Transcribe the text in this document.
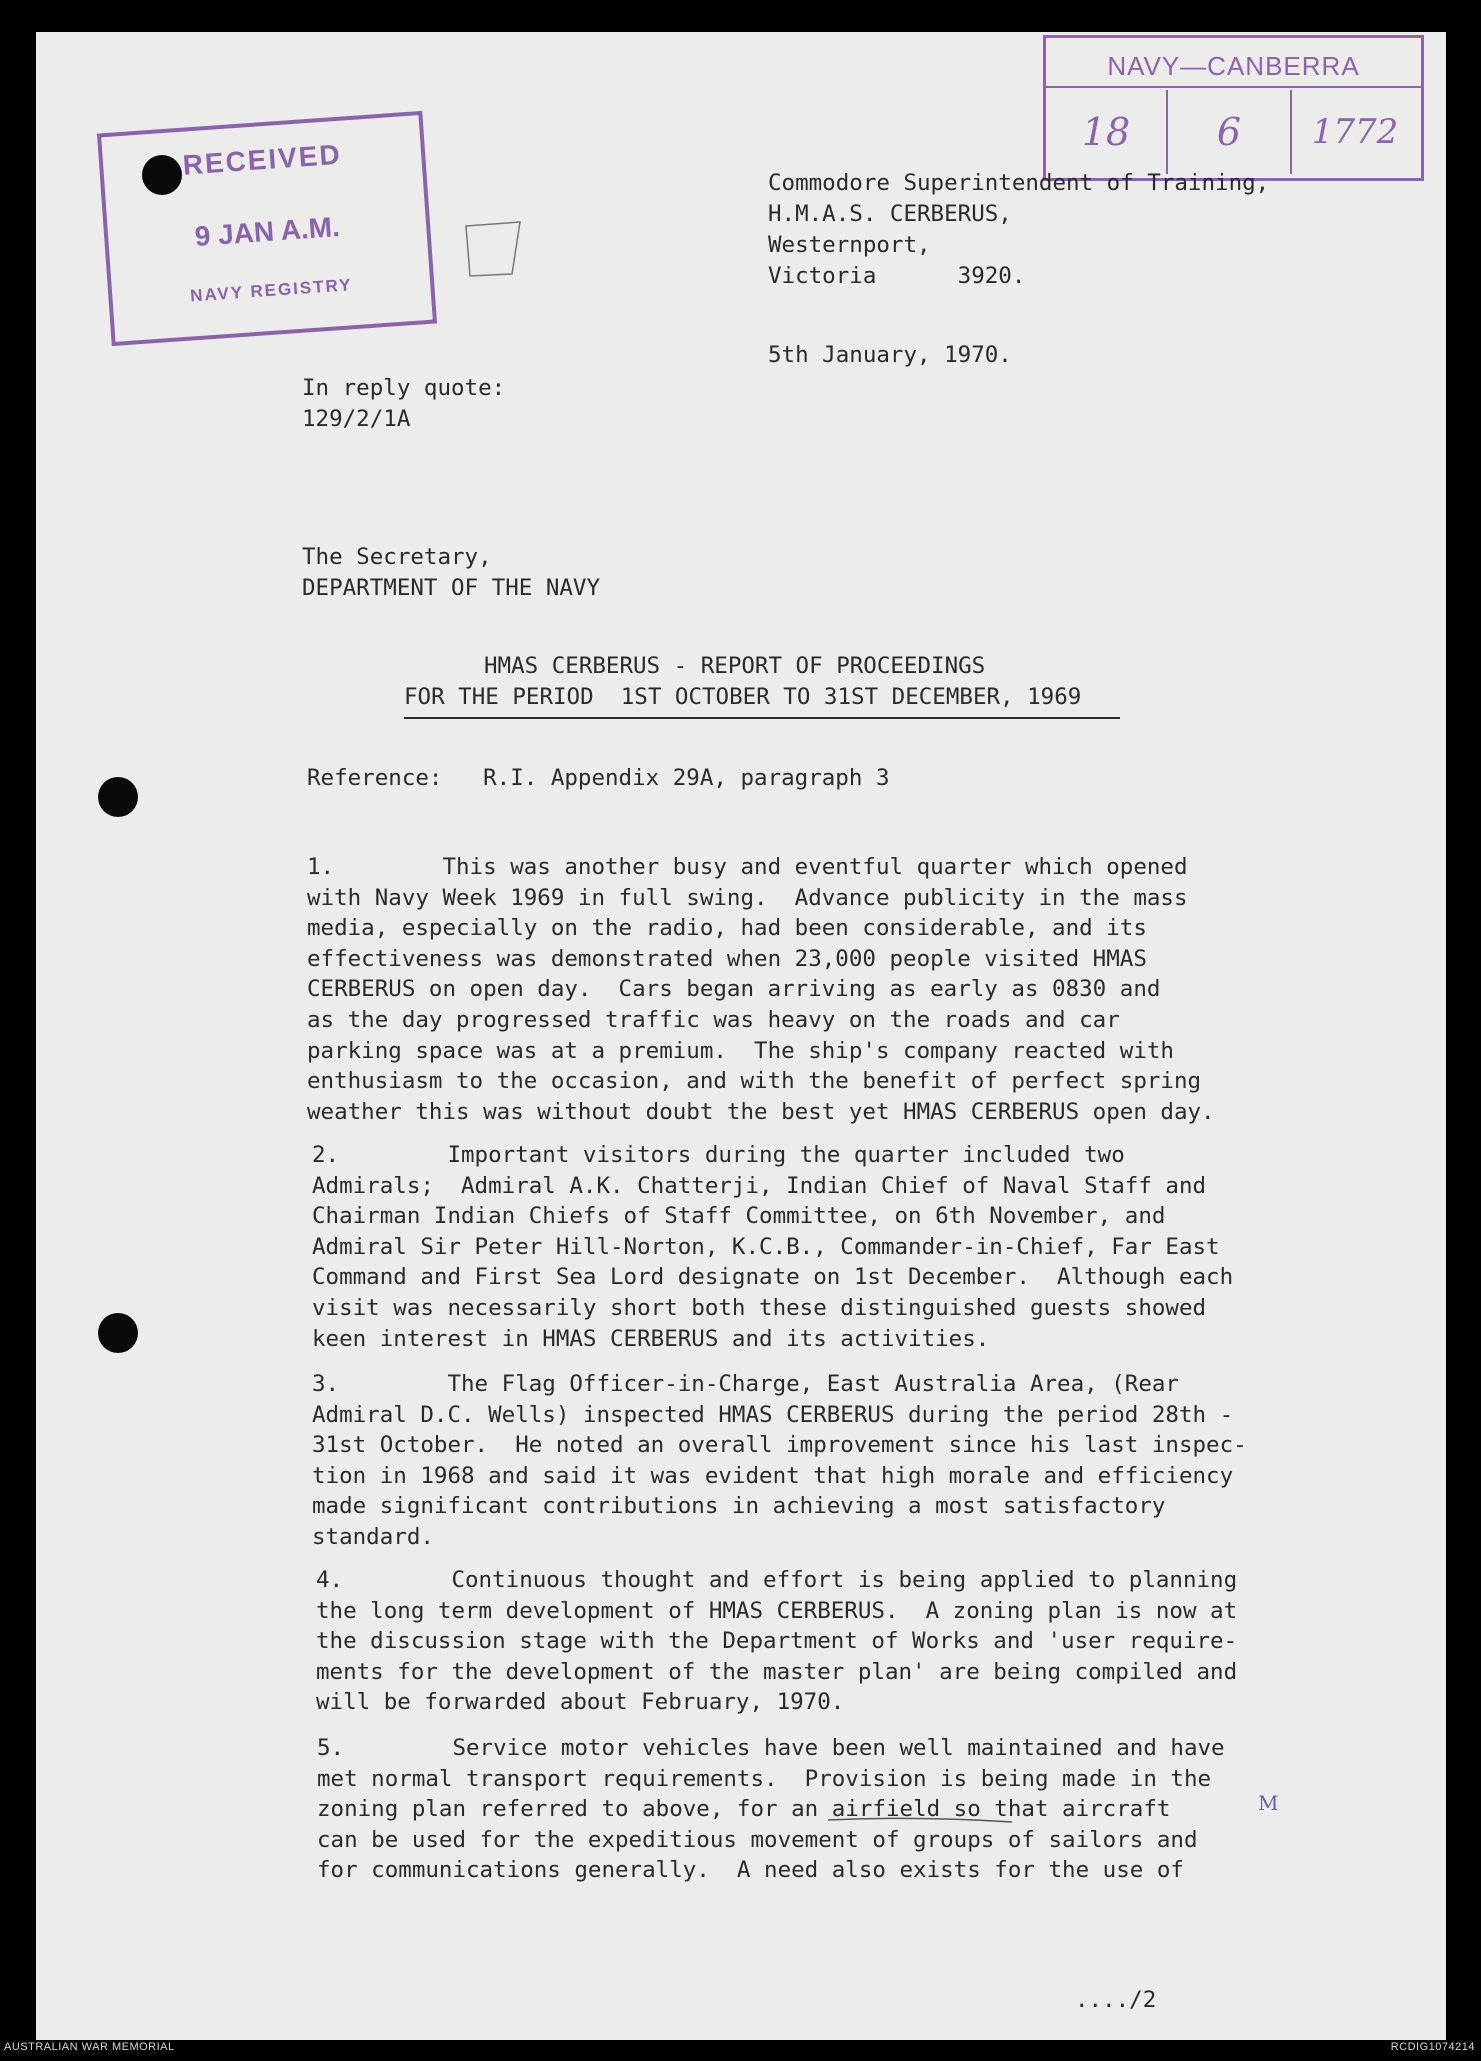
NAVY—CANBERRA
18	6	1772
RECEIVED
9 JAN A.M.
NAVY REGISTRY
Commodore Superintendent of Training,
H.M.A.S. CERBERUS,
Westernport,
Victoria      3920.
5th January, 1970.
In reply quote:
129/2/1A
The Secretary,
DEPARTMENT OF THE NAVY
HMAS CERBERUS - REPORT OF PROCEEDINGS
FOR THE PERIOD  1ST OCTOBER TO 31ST DECEMBER, 1969
Reference:   R.I. Appendix 29A, paragraph 3
1.        This was another busy and eventful quarter which opened
with Navy Week 1969 in full swing.  Advance publicity in the mass
media, especially on the radio, had been considerable, and its
effectiveness was demonstrated when 23,000 people visited HMAS
CERBERUS on open day.  Cars began arriving as early as 0830 and
as the day progressed traffic was heavy on the roads and car
parking space was at a premium.  The ship's company reacted with
enthusiasm to the occasion, and with the benefit of perfect spring
weather this was without doubt the best yet HMAS CERBERUS open day.
2.        Important visitors during the quarter included two
Admirals;  Admiral A.K. Chatterji, Indian Chief of Naval Staff and
Chairman Indian Chiefs of Staff Committee, on 6th November, and
Admiral Sir Peter Hill-Norton, K.C.B., Commander-in-Chief, Far East
Command and First Sea Lord designate on 1st December.  Although each
visit was necessarily short both these distinguished guests showed
keen interest in HMAS CERBERUS and its activities.
3.        The Flag Officer-in-Charge, East Australia Area, (Rear
Admiral D.C. Wells) inspected HMAS CERBERUS during the period 28th -
31st October.  He noted an overall improvement since his last inspec-
tion in 1968 and said it was evident that high morale and efficiency
made significant contributions in achieving a most satisfactory
standard.
4.        Continuous thought and effort is being applied to planning
the long term development of HMAS CERBERUS.  A zoning plan is now at
the discussion stage with the Department of Works and 'user require-
ments for the development of the master plan' are being compiled and
will be forwarded about February, 1970.
5.        Service motor vehicles have been well maintained and have
met normal transport requirements.  Provision is being made in the
zoning plan referred to above, for an airfield so that aircraft
can be used for the expeditious movement of groups of sailors and
for communications generally.  A need also exists for the use of
M
..../2
AUSTRALIAN WAR MEMORIAL	RCDIG1074214
